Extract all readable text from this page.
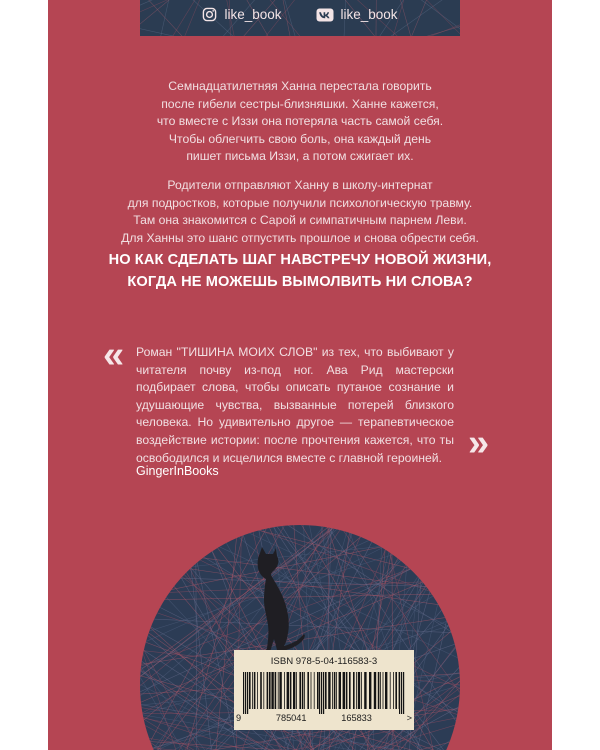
like_book	like_book

Семнадцатилетняя Ханна перестала говорить

после гибели сестры-близняшки. Ханне кажется,

что вместе с Иззи она потеряла часть самой себя.

Чтобы облегчить свою боль, она каждый день

пишет письма Иззи, а потом сжигает их.

Родители отправляют Ханну в школу-интернат

для подростков, которые получили психологическую травму.

Там она знакомится с Сарой и симпатичным парнем Леви.

Для Ханны это шанс отпустить прошлое и снова обрести себя.

НО КАК СДЕЛАТЬ ШАГ НАВСТРЕЧУ НОВОЙ ЖИЗНИ,

КОГДА НЕ МОЖЕШЬ ВЫМОЛВИТЬ НИ СЛОВА?

« Роман "ТИШИНА МОИХ СЛОВ" из тех, что выбивают у читателя почву из-под ног. Ава Рид мастерски подбирает слова, чтобы описать путаное сознание и удушающие чувства, вызванные потерей близкого человека. Но удивительно другое — терапевтическое воздействие истории: после прочтения кажется, что ты освободился и исцелился вместе с главной героиней. »
GingerInBooks
ISBN 978-5-04-116583-3
9	785041	165833	>
